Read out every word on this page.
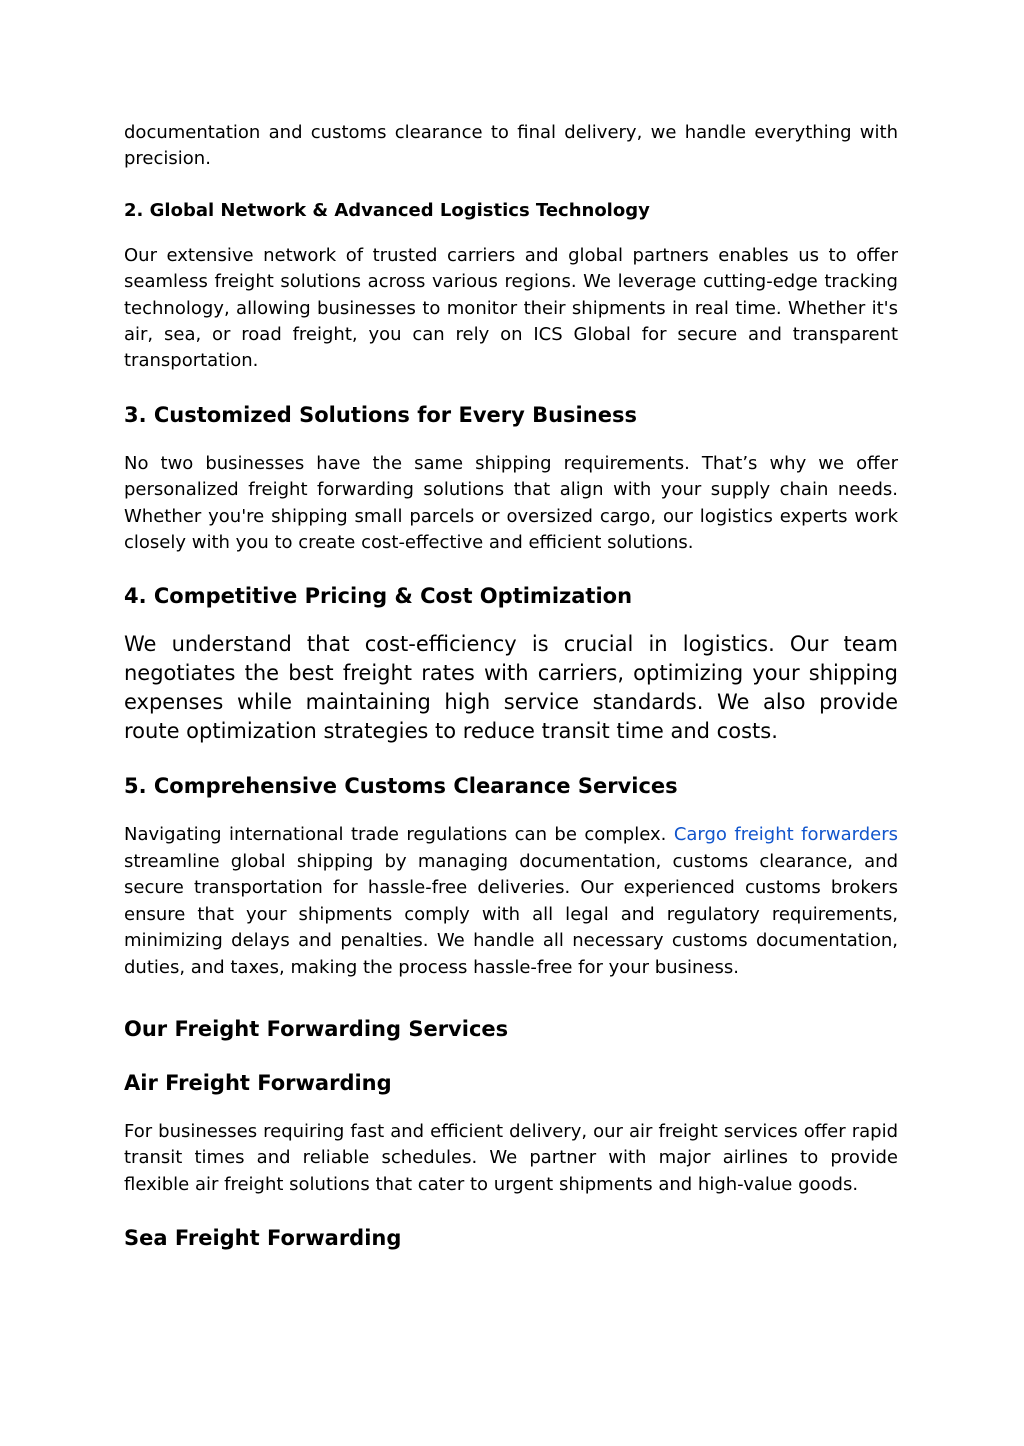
documentation and customs clearance to final delivery, we handle everything with precision.

2. Global Network & Advanced Logistics Technology

Our extensive network of trusted carriers and global partners enables us to offer seamless freight solutions across various regions. We leverage cutting-edge tracking technology, allowing businesses to monitor their shipments in real time. Whether it's air, sea, or road freight, you can rely on ICS Global for secure and transparent transportation.

3. Customized Solutions for Every Business

No two businesses have the same shipping requirements. That’s why we offer personalized freight forwarding solutions that align with your supply chain needs. Whether you're shipping small parcels or oversized cargo, our logistics experts work closely with you to create cost-effective and efficient solutions.

4. Competitive Pricing & Cost Optimization

We understand that cost-efficiency is crucial in logistics. Our team negotiates the best freight rates with carriers, optimizing your shipping expenses while maintaining high service standards. We also provide route optimization strategies to reduce transit time and costs.

5. Comprehensive Customs Clearance Services

Navigating international trade regulations can be complex. Cargo freight forwarders streamline global shipping by managing documentation, customs clearance, and secure transportation for hassle-free deliveries. Our experienced customs brokers ensure that your shipments comply with all legal and regulatory requirements, minimizing delays and penalties. We handle all necessary customs documentation, duties, and taxes, making the process hassle-free for your business.

Our Freight Forwarding Services
Air Freight Forwarding

For businesses requiring fast and efficient delivery, our air freight services offer rapid transit times and reliable schedules. We partner with major airlines to provide flexible air freight solutions that cater to urgent shipments and high-value goods.

Sea Freight Forwarding
